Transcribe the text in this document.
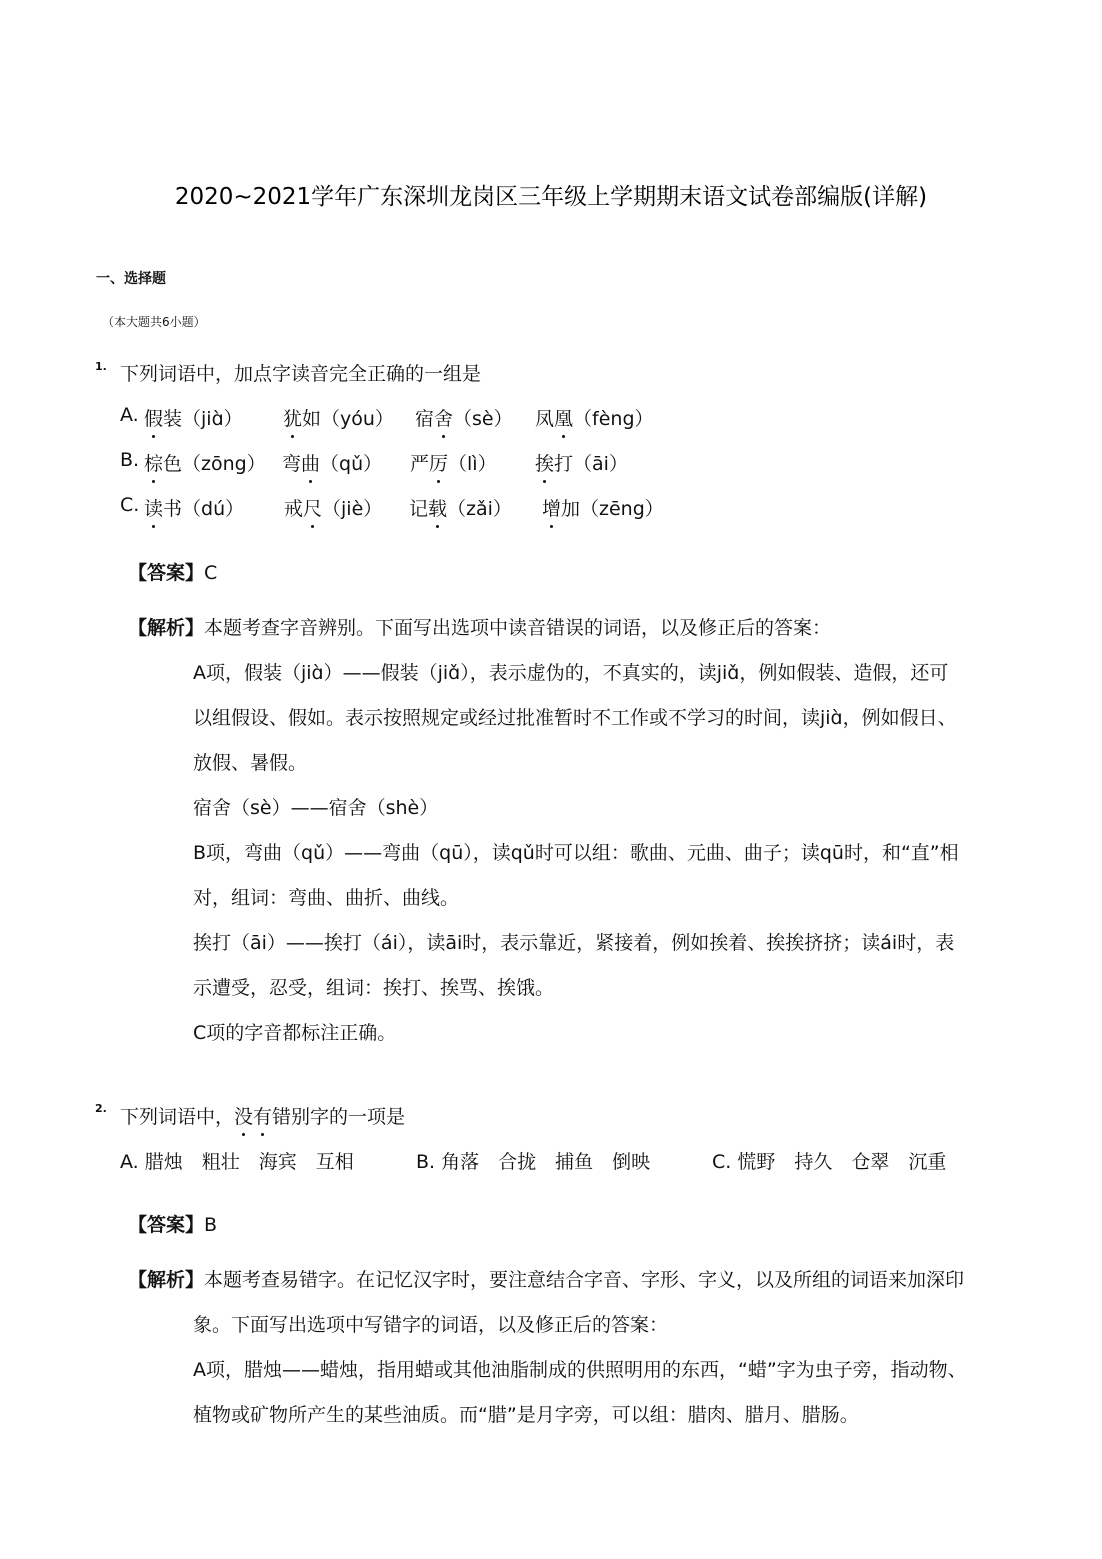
2020~2021学年广东深圳龙岗区三年级上学期期末语文试卷部编版(详解)
一、选择题
（本大题共6小题）
1. 下列词语中，加点字读音完全正确的一组是
A. 假装（jiɑ̀） 犹如（yóu） 宿舍（sè） 凤凰（fèng）
B. 棕色（zōng） 弯曲（qǔ） 严厉（lì） 挨打（āi）
C. 读书（dú） 戒尺（jiè） 记载（zǎi） 增加（zēng）
【答案】C
【解析】本题考查字音辨别。下面写出选项中读音错误的词语，以及修正后的答案：
A项，假装（jiɑ̀）——假装（jiɑ̌），表示虚伪的，不真实的，读jiɑ̌，例如假装、造假，还可
以组假设、假如。表示按照规定或经过批准暂时不工作或不学习的时间，读jiɑ̀，例如假日、
放假、暑假。
宿舍（sè）——宿舍（shè）
B项，弯曲（qǔ）——弯曲（qū），读qǔ时可以组：歌曲、元曲、曲子；读qū时，和“直”相
对，组词：弯曲、曲折、曲线。
挨打（āi）——挨打（ái），读āi时，表示靠近，紧接着，例如挨着、挨挨挤挤；读ái时，表
示遭受，忍受，组词：挨打、挨骂、挨饿。
C项的字音都标注正确。
2. 下列词语中，没有错别字的一项是
A. 腊烛　粗壮　海宾　互相	B. 角落　合拢　捕鱼　倒映	C. 慌野　持久　仓翠　沉重
【答案】B
【解析】本题考查易错字。在记忆汉字时，要注意结合字音、字形、字义，以及所组的词语来加深印
象。下面写出选项中写错字的词语，以及修正后的答案：
A项，腊烛——蜡烛，指用蜡或其他油脂制成的供照明用的东西，“蜡”字为虫子旁，指动物、
植物或矿物所产生的某些油质。而“腊”是月字旁，可以组：腊肉、腊月、腊肠。
